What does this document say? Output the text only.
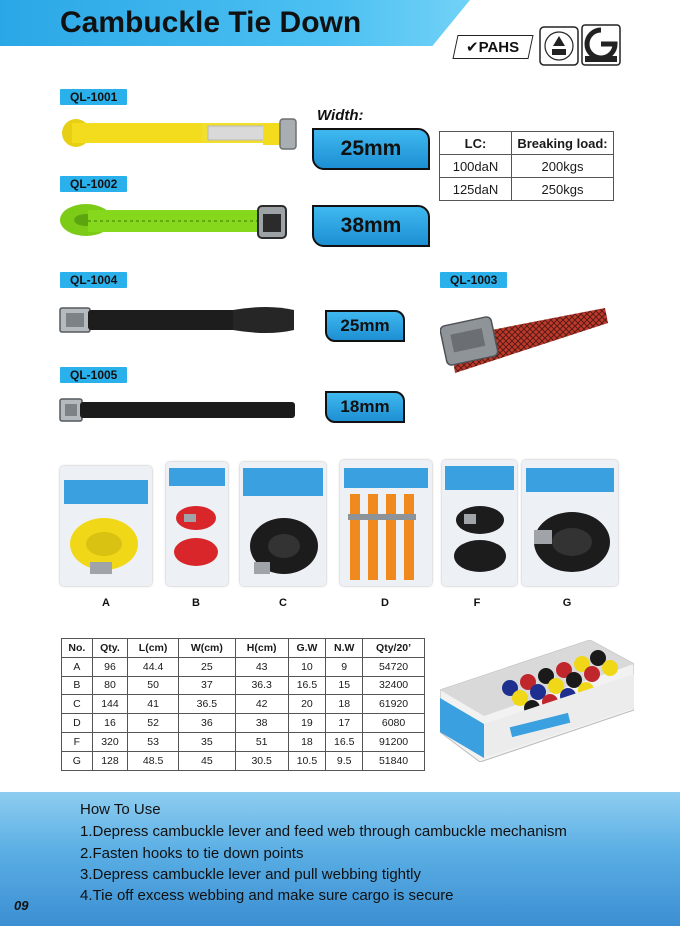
Cambuckle Tie Down
✔PAHS
QL-1001
QL-1002
QL-1004	QL-1003
QL-1005
Width:
25mm
38mm
25mm
18mm
LC:	Breaking load:
100daN	200kgs
125daN	250kgs
A	B	C	D	F	G
No.	Qty.	L(cm)	W(cm)	H(cm)	G.W	N.W	Qty/20’
A	96	44.4	25	43	10	9	54720
B	80	50	37	36.3	16.5	15	32400
C	144	41	36.5	42	20	18	61920
D	16	52	36	38	19	17	6080
F	320	53	35	51	18	16.5	91200
G	128	48.5	45	30.5	10.5	9.5	51840
How To Use
1.Depress cambuckle lever and feed web through cambuckle mechanism
2.Fasten hooks to tie down points
3.Depress cambuckle lever and pull webbing tightly
4.Tie off excess webbing and make sure cargo is secure
09
